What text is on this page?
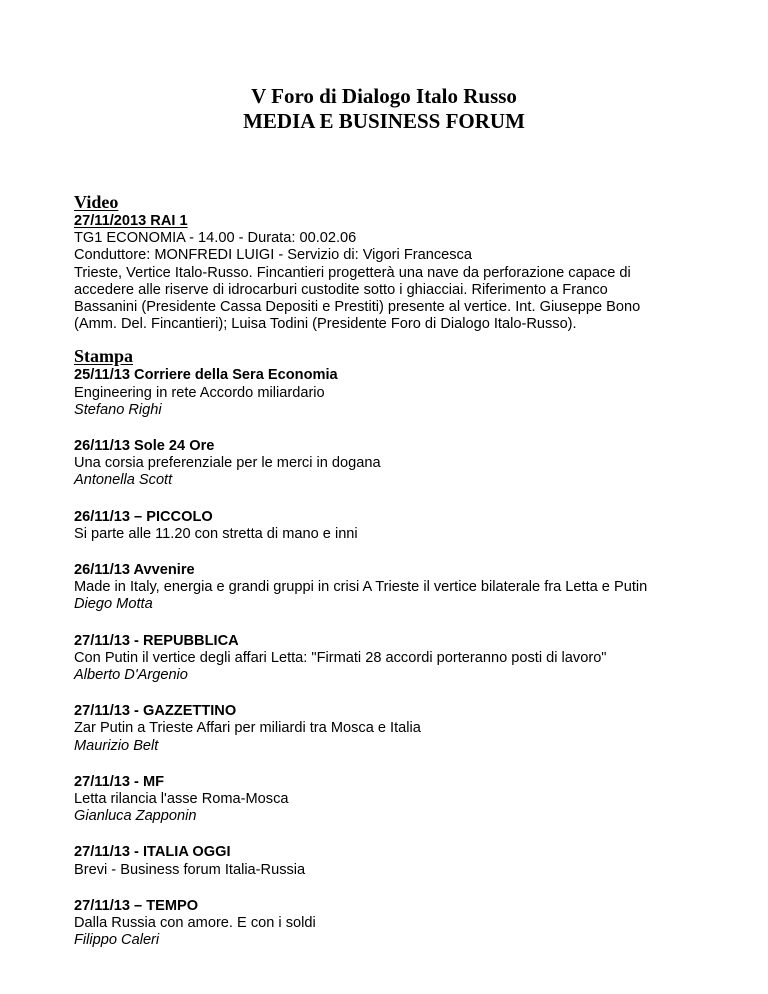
V Foro di Dialogo Italo Russo
MEDIA E BUSINESS FORUM
Video
27/11/2013 RAI 1
TG1 ECONOMIA - 14.00 - Durata: 00.02.06
Conduttore: MONFREDI LUIGI - Servizio di: Vigori Francesca
Trieste, Vertice Italo-Russo. Fincantieri progetterà una nave da perforazione capace di
accedere alle riserve di idrocarburi custodite sotto i ghiacciai. Riferimento a Franco
Bassanini (Presidente Cassa Depositi e Prestiti) presente al vertice. Int. Giuseppe Bono
(Amm. Del. Fincantieri); Luisa Todini (Presidente Foro di Dialogo Italo-Russo).
Stampa
25/11/13 Corriere della Sera Economia
Engineering in rete Accordo miliardario
Stefano Righi
26/11/13 Sole 24 Ore
Una corsia preferenziale per le merci in dogana
Antonella Scott
26/11/13 – PICCOLO
Si parte alle 11.20 con stretta di mano e inni
26/11/13 Avvenire
Made in Italy, energia e grandi gruppi in crisi A Trieste il vertice bilaterale fra Letta e Putin
Diego Motta
27/11/13 - REPUBBLICA
Con Putin il vertice degli affari Letta: "Firmati 28 accordi porteranno posti di lavoro"
Alberto D'Argenio
27/11/13 - GAZZETTINO
Zar Putin a Trieste Affari per miliardi tra Mosca e Italia
Maurizio Belt
27/11/13 - MF
Letta rilancia l'asse Roma-Mosca
Gianluca Zapponin
27/11/13 - ITALIA OGGI
Brevi - Business forum Italia-Russia
27/11/13 – TEMPO
Dalla Russia con amore. E con i soldi
Filippo Caleri
